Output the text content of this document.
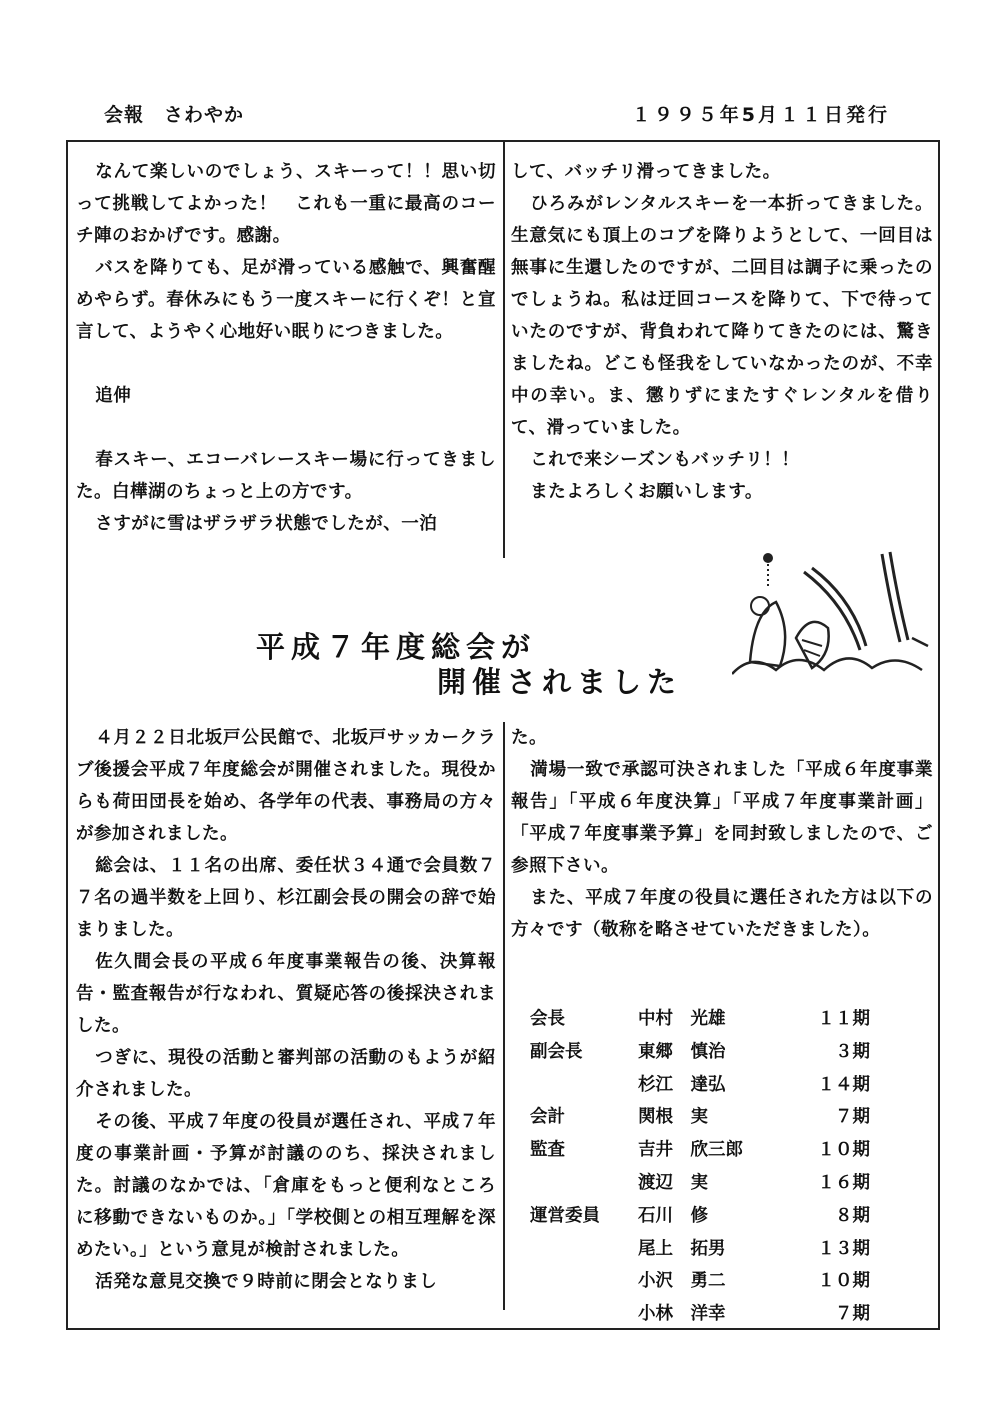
会報　さわやか	１９９５年5月１１日発行

なんて楽しいのでしょう、スキーって！！思い切って挑戦してよかった！　これも一重に最高のコーチ陣のおかげです。感謝。

バスを降りても、足が滑っている感触で、興奮醒めやらず。春休みにもう一度スキーに行くぞ！と宣言して、ようやく心地好い眠りにつきました。

追伸

春スキー、エコーバレースキー場に行ってきました。白樺湖のちょっと上の方です。

さすがに雪はザラザラ状態でしたが、一泊

して、バッチリ滑ってきました。

ひろみがレンタルスキーを一本折ってきました。生意気にも頂上のコブを降りようとして、一回目は無事に生還したのですが、二回目は調子に乗ったのでしょうね。私は迂回コースを降りて、下で待っていたのですが、背負われて降りてきたのには、驚きましたね。どこも怪我をしていなかったのが、不幸中の幸い。ま、懲りずにまたすぐレンタルを借りて、滑っていました。

これで来シーズンもバッチリ！！

またよろしくお願いします。

平成７年度総会が
開催されました

４月２２日北坂戸公民館で、北坂戸サッカークラブ後援会平成７年度総会が開催されました。現役からも荷田団長を始め、各学年の代表、事務局の方々が参加されました。

総会は、１１名の出席、委任状３４通で会員数７７名の過半数を上回り、杉江副会長の開会の辞で始まりました。

佐久間会長の平成６年度事業報告の後、決算報告・監査報告が行なわれ、質疑応答の後採決されました。

つぎに、現役の活動と審判部の活動のもようが紹介されました。

その後、平成７年度の役員が選任され、平成７年度の事業計画・予算が討議ののち、採決されました。討議のなかでは、「倉庫をもっと便利なところに移動できないものか。」「学校側との相互理解を深めたい。」という意見が検討されました。

活発な意見交換で９時前に閉会となりまし

た。

満場一致で承認可決されました「平成６年度事業報告」「平成６年度決算」「平成７年度事業計画」「平成７年度事業予算」を同封致しましたので、ご参照下さい。

また、平成７年度の役員に選任された方は以下の方々です（敬称を略させていただきました）。

会長	中村　光雄	１１期
副会長	東郷　慎治	３期
杉江　達弘	１４期
会計	関根　実	７期
監査	吉井　欣三郎	１０期
渡辺　実	１６期
運営委員	石川　修	８期
尾上　拓男	１３期
小沢　勇二	１０期
小林　洋幸	７期
